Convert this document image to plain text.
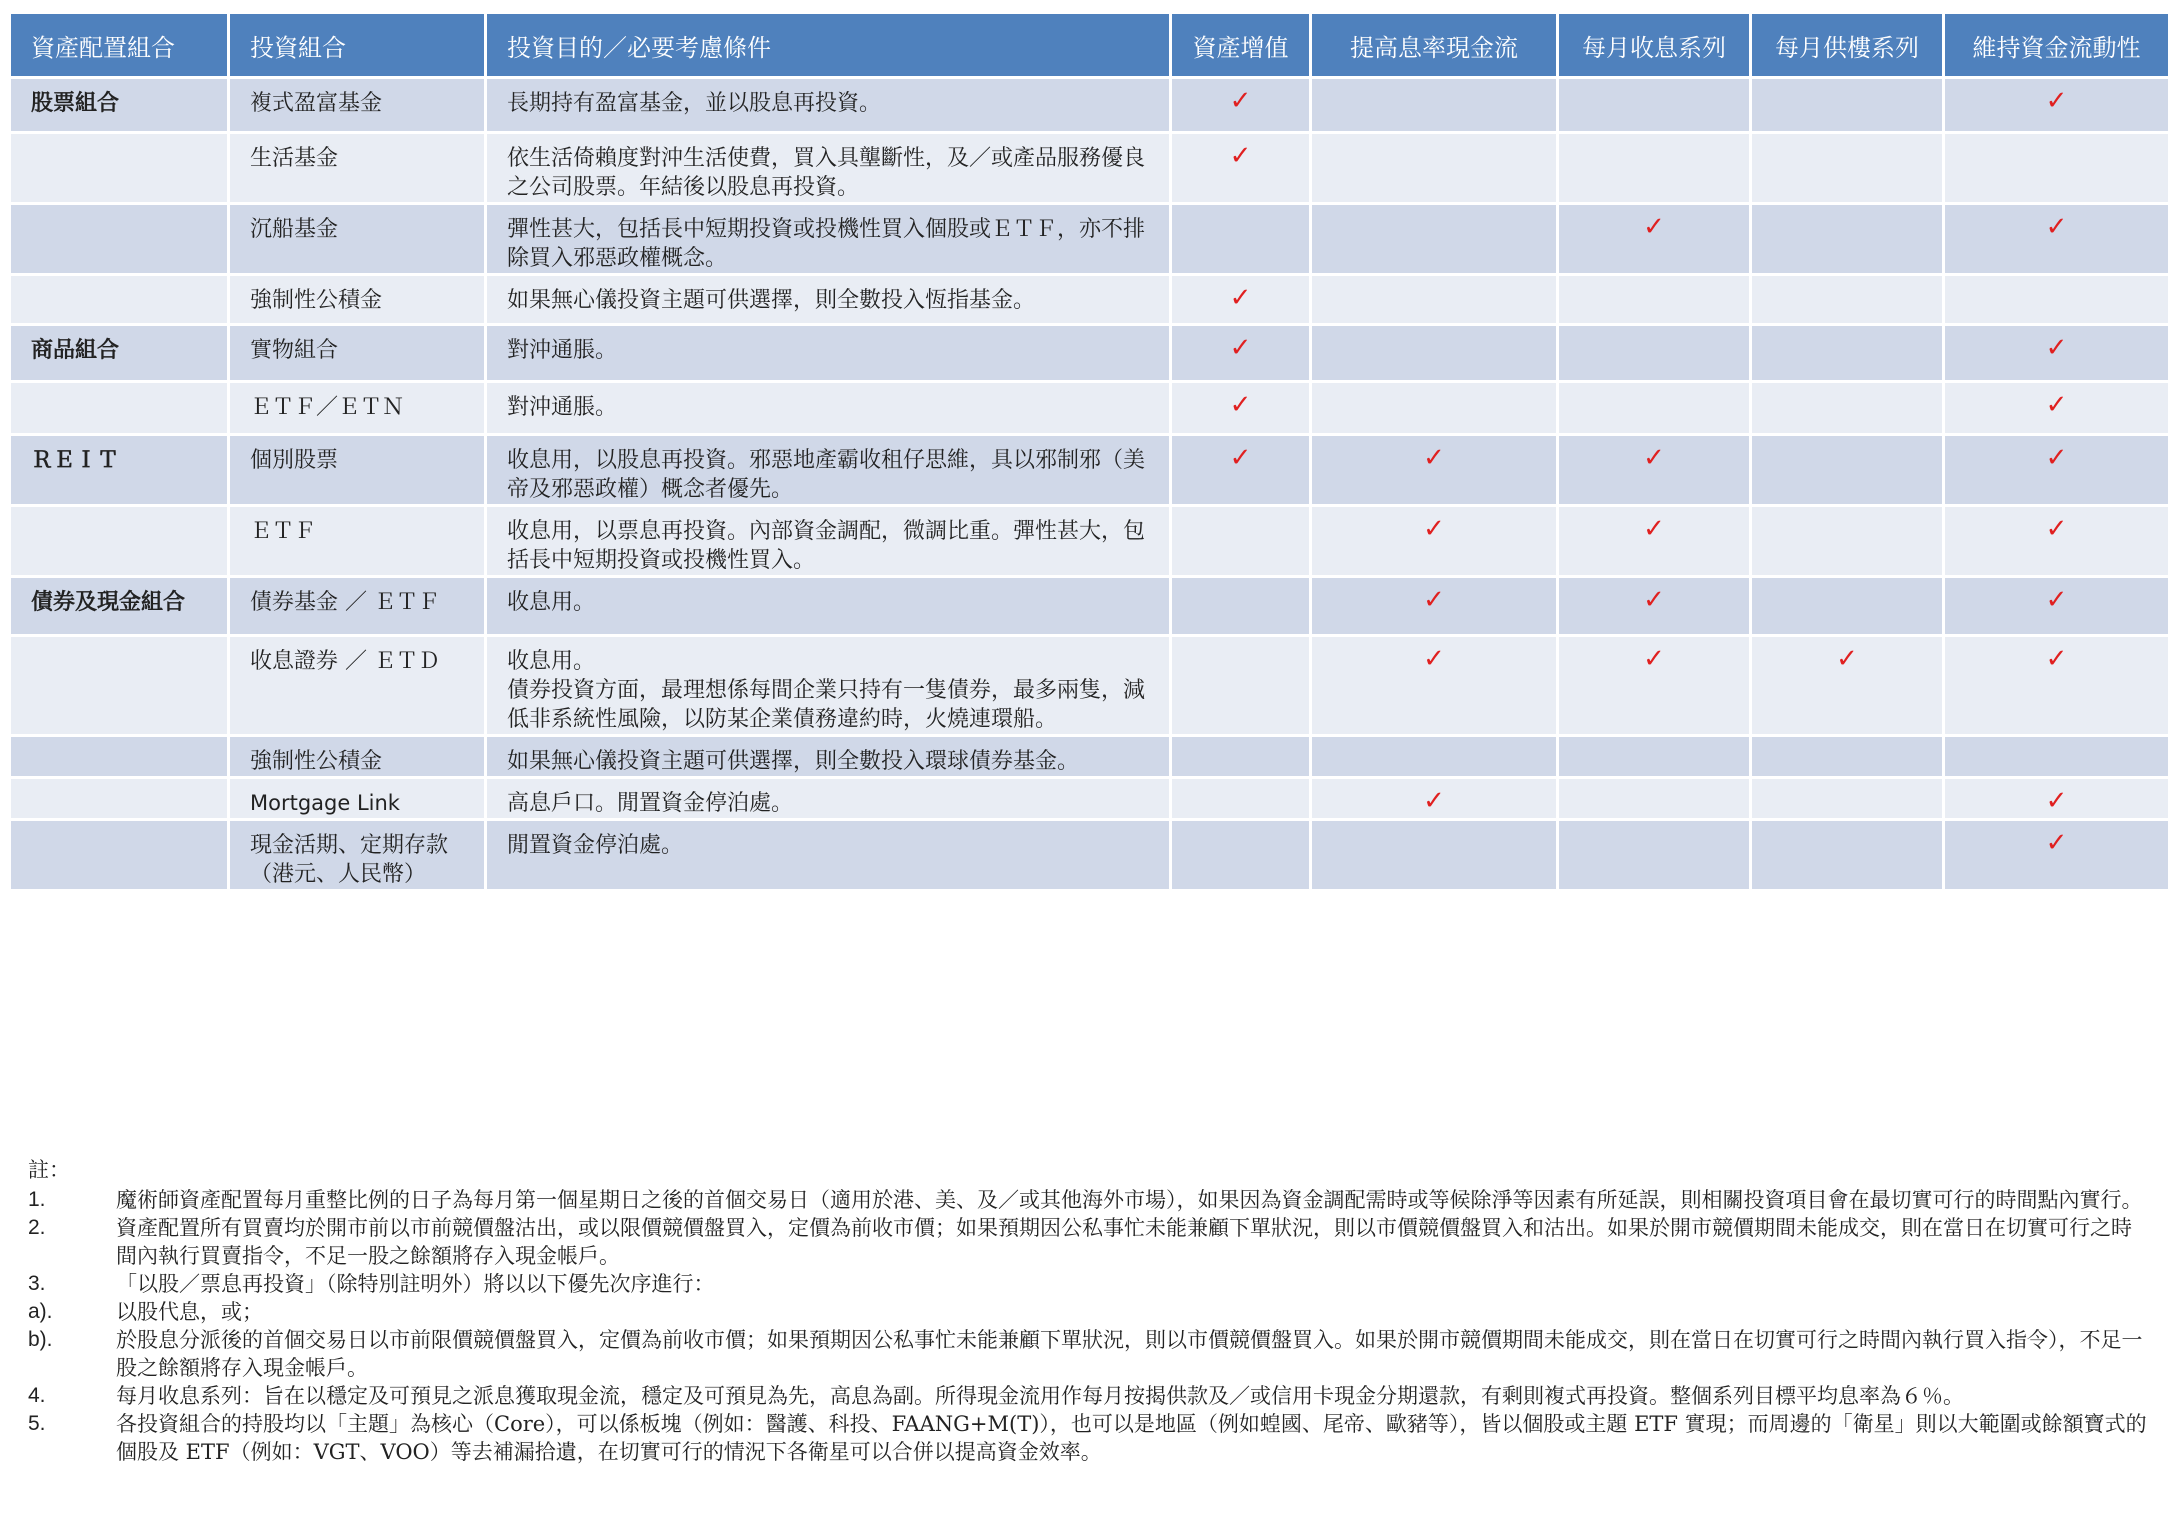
資產配置組合	投資組合	投資目的／必要考慮條件	資產增值	提高息率現金流	每月收息系列	每月供樓系列	維持資金流動性
股票組合	複式盈富基金	長期持有盈富基金，並以股息再投資。	✓				✓
	生活基金	依生活倚賴度對沖生活使費，買入具壟斷性，及／或產品服務優良之公司股票。年結後以股息再投資。	✓				
	沉船基金	彈性甚大，包括長中短期投資或投機性買入個股或ＥＴＦ，亦不排除買入邪惡政權概念。			✓		✓
	強制性公積金	如果無心儀投資主題可供選擇，則全數投入恆指基金。	✓				
商品組合	實物組合	對沖通脹。	✓				✓
	ＥＴＦ／ＥＴＮ	對沖通脹。	✓				✓
ＲＥＩＴ	個別股票	收息用，以股息再投資。邪惡地產霸收租仔思維，具以邪制邪（美帝及邪惡政權）概念者優先。	✓	✓	✓		✓
	ＥＴＦ	收息用，以票息再投資。內部資金調配，微調比重。彈性甚大，包括長中短期投資或投機性買入。		✓	✓		✓
債券及現金組合	債券基金 ／ ＥＴＦ	收息用。		✓	✓		✓
	收息證券 ／ ＥＴＤ	收息用。
債券投資方面，最理想係每間企業只持有一隻債券，最多兩隻，減低非系統性風險，以防某企業債務違約時，火燒連環船。		✓	✓	✓	✓
	強制性公積金	如果無心儀投資主題可供選擇，則全數投入環球債券基金。					
	Mortgage Link	高息戶口。閒置資金停泊處。		✓			✓
	現金活期、定期存款（港元、人民幣）	閒置資金停泊處。					✓
註：
1.	魔術師資產配置每月重整比例的日子為每月第一個星期日之後的首個交易日（適用於港、美、及／或其他海外市場），如果因為資金調配需時或等候除淨等因素有所延誤，則相關投資項目會在最切實可行的時間點內實行。
2.	資產配置所有買賣均於開市前以市前競價盤沽出，或以限價競價盤買入，定價為前收市價；如果預期因公私事忙未能兼顧下單狀況，則以市價競價盤買入和沽出。如果於開市競價期間未能成交，則在當日在切實可行之時間內執行買賣指令，不足一股之餘額將存入現金帳戶。
3.	「以股／票息再投資」（除特別註明外）將以以下優先次序進行：
a).	以股代息，或；
b).	於股息分派後的首個交易日以市前限價競價盤買入，定價為前收市價；如果預期因公私事忙未能兼顧下單狀況，則以市價競價盤買入。如果於開市競價期間未能成交，則在當日在切實可行之時間內執行買入指令），不足一股之餘額將存入現金帳戶。
4.	每月收息系列：旨在以穩定及可預見之派息獲取現金流，穩定及可預見為先，高息為副。所得現金流用作每月按揭供款及／或信用卡現金分期還款，有剩則複式再投資。整個系列目標平均息率為６％。
5.	各投資組合的持股均以「主題」為核心（Core），可以係板塊（例如：醫護、科投、FAANG+M(T)），也可以是地區（例如蝗國、尾帝、歐豬等），皆以個股或主題 ETF 實現；而周邊的「衛星」則以大範圍或餘額寶式的個股及 ETF（例如：VGT、VOO）等去補漏拾遺，在切實可行的情況下各衛星可以合併以提高資金效率。
